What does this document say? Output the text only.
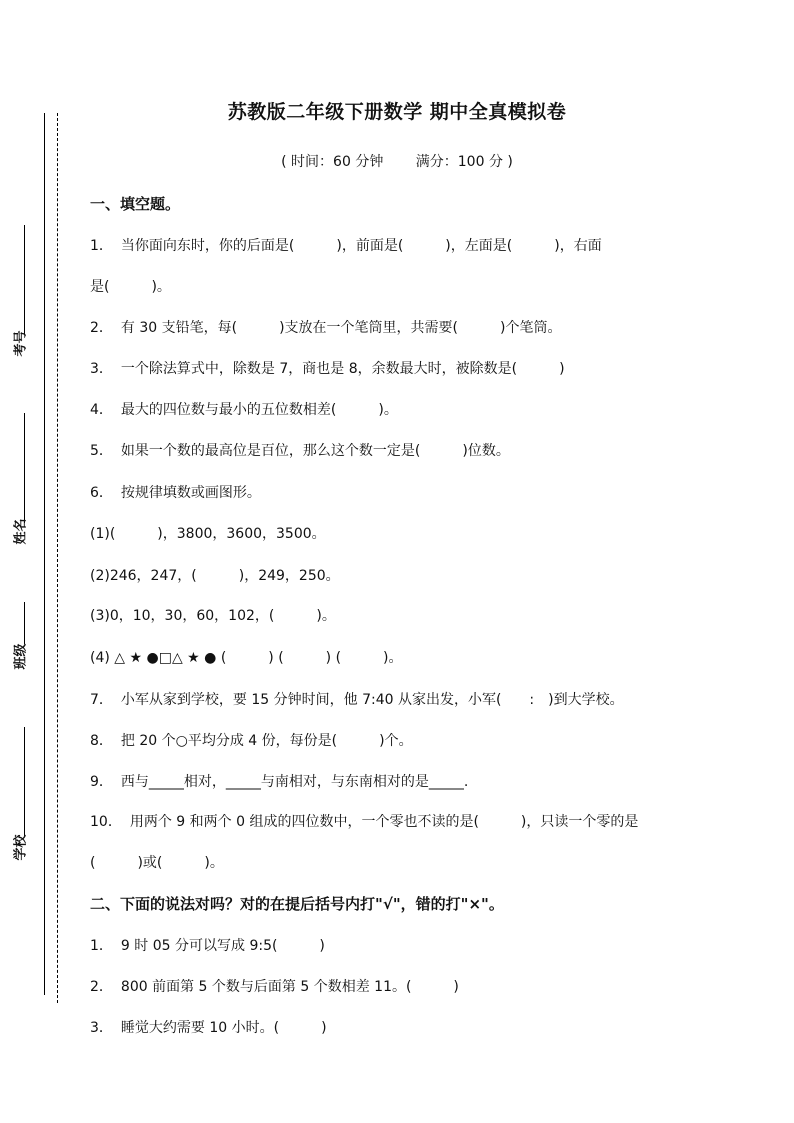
考号
姓名
班级
学校
苏教版二年级下册数学 期中全真模拟卷
( 时间：60 分钟 　　满分：100 分 )
一、填空题。
1． 当你面向东时，你的后面是(　　　)，前面是(　　　)，左面是(　　　)，右面
是(　　　)。
2． 有 30 支铅笔，每(　　　)支放在一个笔筒里，共需要(　　　)个笔筒。
3． 一个除法算式中，除数是 7，商也是 8，余数最大时，被除数是(　　　)
4． 最大的四位数与最小的五位数相差(　　　)。
5． 如果一个数的最高位是百位，那么这个数一定是(　　　)位数。
6． 按规律填数或画图形。
(1)(　　　)，3800，3600，3500。
(2)246，247，(　　　)，249，250。
(3)0，10，30，60，102，(　　　)。
(4) △ ★ ●□△ ★ ● (　　　) (　　　) (　　　)。
7． 小军从家到学校，要 15 分钟时间，他 7:40 从家出发，小军(　　:　)到大学校。
8． 把 20 个○平均分成 4 份，每份是(　　　)个。
9． 西与_____相对，_____与南相对，与东南相对的是_____.
10． 用两个 9 和两个 0 组成的四位数中，一个零也不读的是(　　　)，只读一个零的是
(　　　)或(　　　)。
二、下面的说法对吗？对的在提后括号内打"√"，错的打"×"。
1． 9 时 05 分可以写成 9:5(　　　)
2． 800 前面第 5 个数与后面第 5 个数相差 11。(　　　)
3． 睡觉大约需要 10 小时。(　　　)
